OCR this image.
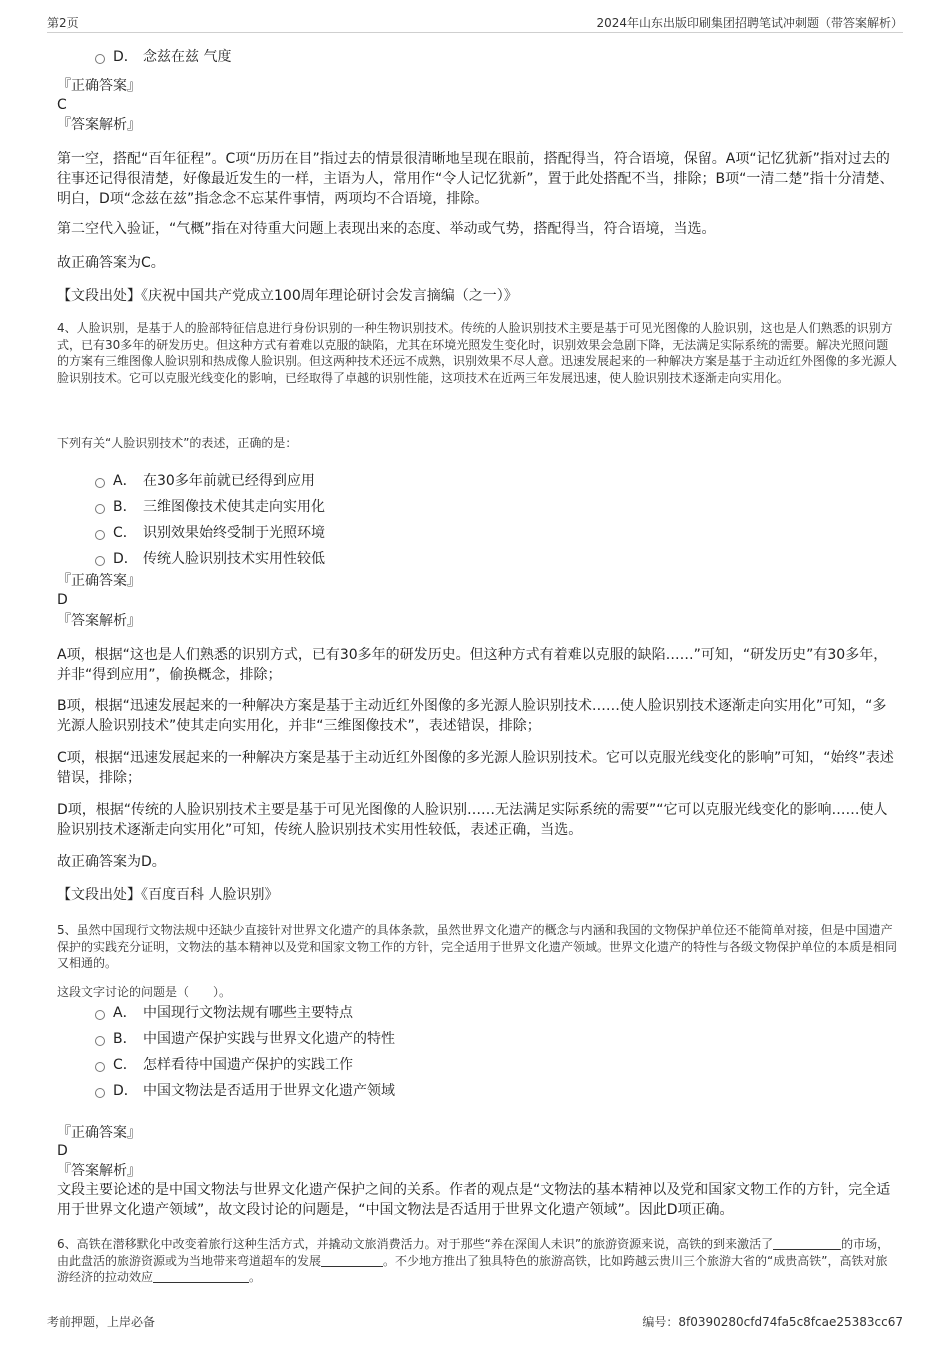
第2页	2024年山东出版印刷集团招聘笔试冲刺题（带答案解析）
D． 念兹在兹 气度
『正确答案』
C
『答案解析』
第一空，搭配“百年征程”。C项“历历在目”指过去的情景很清晰地呈现在眼前，搭配得当，符合语境，保留。A项“记忆犹新”指对过去的往事还记得很清楚，好像最近发生的一样，主语为人，常用作“令人记忆犹新”，置于此处搭配不当，排除；B项“一清二楚”指十分清楚、明白，D项“念兹在兹”指念念不忘某件事情，两项均不合语境，排除。
第二空代入验证，“气概”指在对待重大问题上表现出来的态度、举动或气势，搭配得当，符合语境，当选。
故正确答案为C。
【文段出处】《庆祝中国共产党成立100周年理论研讨会发言摘编（之一）》
4、人脸识别，是基于人的脸部特征信息进行身份识别的一种生物识别技术。传统的人脸识别技术主要是基于可见光图像的人脸识别，这也是人们熟悉的识别方式，已有30多年的研发历史。但这种方式有着难以克服的缺陷，尤其在环境光照发生变化时，识别效果会急剧下降，无法满足实际系统的需要。解决光照问题的方案有三维图像人脸识别和热成像人脸识别。但这两种技术还远不成熟，识别效果不尽人意。迅速发展起来的一种解决方案是基于主动近红外图像的多光源人脸识别技术。它可以克服光线变化的影响，已经取得了卓越的识别性能，这项技术在近两三年发展迅速，使人脸识别技术逐渐走向实用化。
下列有关“人脸识别技术”的表述，正确的是：
A． 在30多年前就已经得到应用
B． 三维图像技术使其走向实用化
C． 识别效果始终受制于光照环境
D． 传统人脸识别技术实用性较低
『正确答案』
D
『答案解析』
A项，根据“这也是人们熟悉的识别方式，已有30多年的研发历史。但这种方式有着难以克服的缺陷……”可知，“研发历史”有30多年，并非“得到应用”，偷换概念，排除；
B项，根据“迅速发展起来的一种解决方案是基于主动近红外图像的多光源人脸识别技术……使人脸识别技术逐渐走向实用化”可知，“多光源人脸识别技术”使其走向实用化，并非“三维图像技术”，表述错误，排除；
C项，根据“迅速发展起来的一种解决方案是基于主动近红外图像的多光源人脸识别技术。它可以克服光线变化的影响”可知，“始终”表述错误，排除；
D项，根据“传统的人脸识别技术主要是基于可见光图像的人脸识别……无法满足实际系统的需要”“它可以克服光线变化的影响……使人脸识别技术逐渐走向实用化”可知，传统人脸识别技术实用性较低，表述正确，当选。
故正确答案为D。
【文段出处】《百度百科 人脸识别》
5、虽然中国现行文物法规中还缺少直接针对世界文化遗产的具体条款，虽然世界文化遗产的概念与内涵和我国的文物保护单位还不能简单对接，但是中国遗产保护的实践充分证明，文物法的基本精神以及党和国家文物工作的方针，完全适用于世界文化遗产领域。世界文化遗产的特性与各级文物保护单位的本质是相同又相通的。
这段文字讨论的问题是（　　）。
A． 中国现行文物法规有哪些主要特点
B． 中国遗产保护实践与世界文化遗产的特性
C． 怎样看待中国遗产保护的实践工作
D． 中国文物法是否适用于世界文化遗产领域
『正确答案』
D
『答案解析』
文段主要论述的是中国文物法与世界文化遗产保护之间的关系。作者的观点是“文物法的基本精神以及党和国家文物工作的方针，完全适用于世界文化遗产领域”，故文段讨论的问题是，“中国文物法是否适用于世界文化遗产领域”。因此D项正确。
6、高铁在潜移默化中改变着旅行这种生活方式，并撬动文旅消费活力。对于那些“养在深闺人未识”的旅游资源来说，高铁的到来激活了	的市场，由此盘活的旅游资源或为当地带来弯道超车的发展	。不少地方推出了独具特色的旅游高铁，比如跨越云贵川三个旅游大省的“成贵高铁”，高铁对旅游经济的拉动效应	。
考前押题，上岸必备	编号：8f0390280cfd74fa5c8fcae25383cc67
